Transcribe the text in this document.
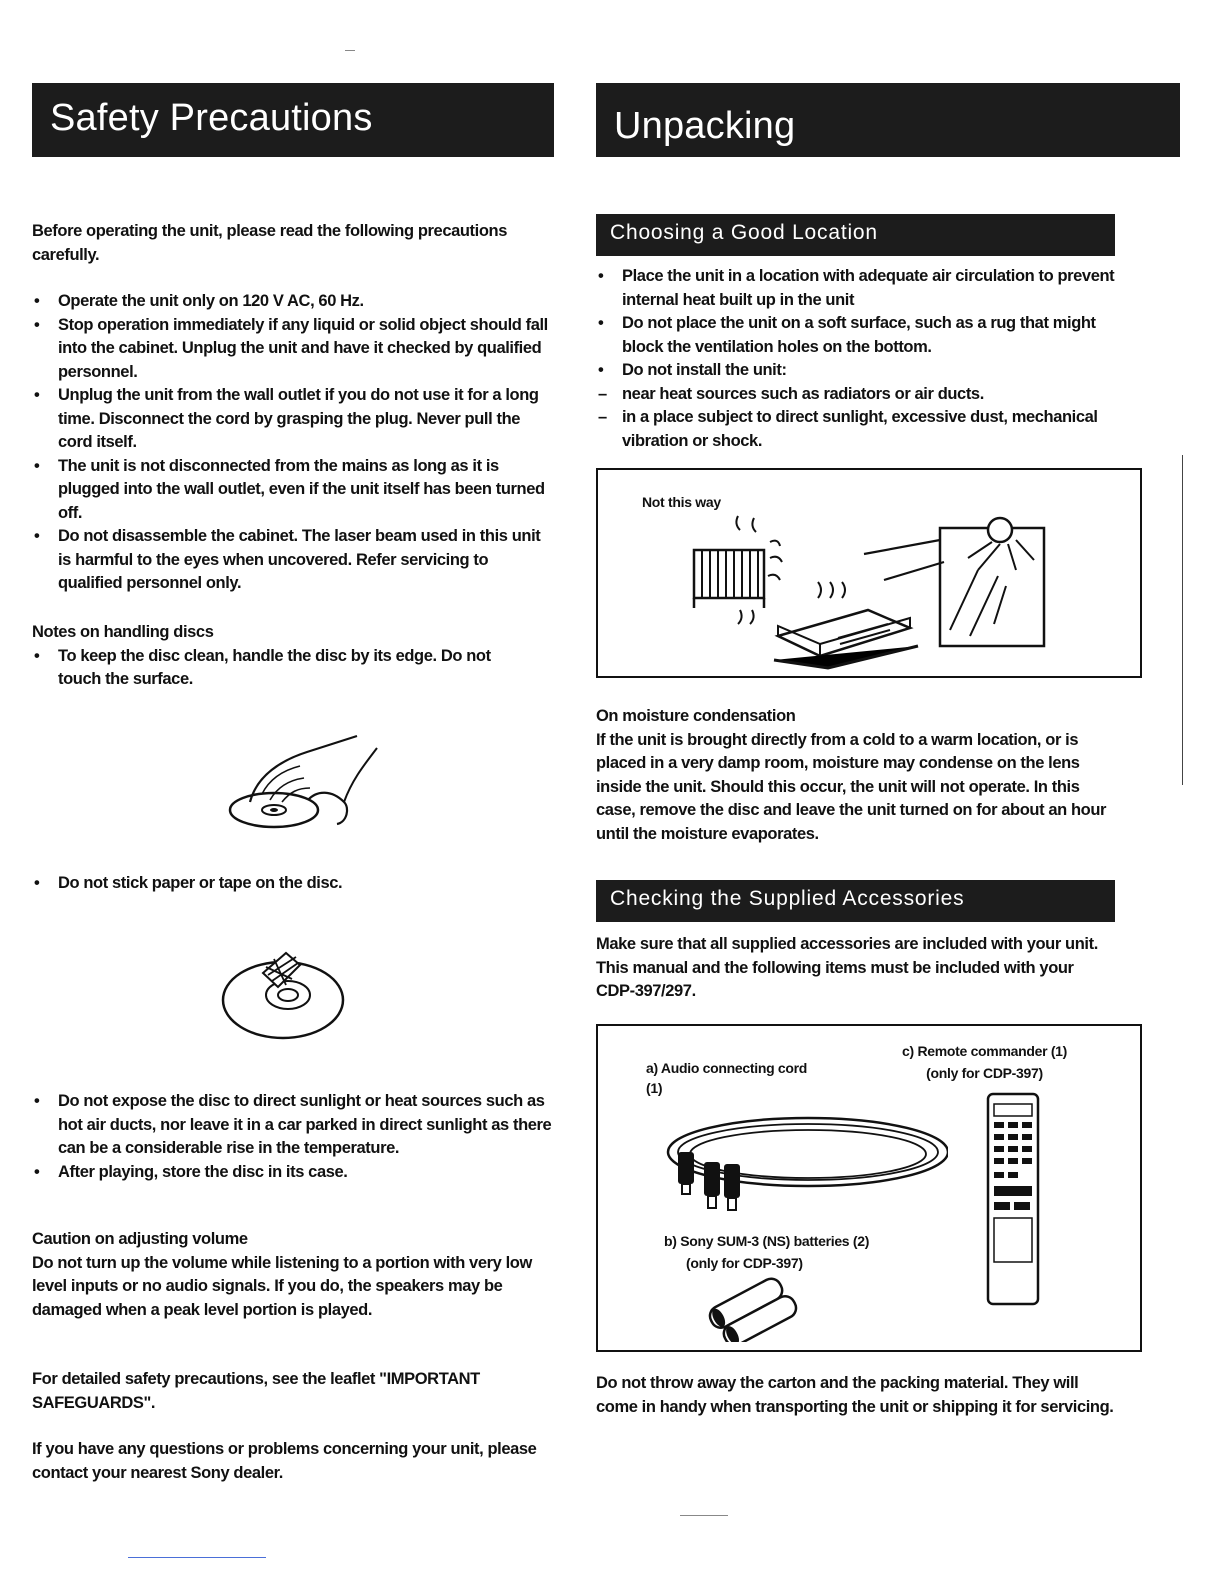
Safety Precautions

Before operating the unit, please read the following precautions carefully.

• Operate the unit only on 120 V AC, 60 Hz.
• Stop operation immediately if any liquid or solid object should fall into the cabinet. Unplug the unit and have it checked by qualified personnel.
• Unplug the unit from the wall outlet if you do not use it for a long time. Disconnect the cord by grasping the plug. Never pull the cord itself.
• The unit is not disconnected from the mains as long as it is plugged into the wall outlet, even if the unit itself has been turned off.
• Do not disassemble the cabinet. The laser beam used in this unit is harmful to the eyes when uncovered. Refer servicing to qualified personnel only.

Notes on handling discs

• To keep the disc clean, handle the disc by its edge. Do not touch the surface.
• Do not stick paper or tape on the disc.
• Do not expose the disc to direct sunlight or heat sources such as hot air ducts, nor leave it in a car parked in direct sunlight as there can be a considerable rise in the temperature.
• After playing, store the disc in its case.

Caution on adjusting volume

Do not turn up the volume while listening to a portion with very low level inputs or no audio signals. If you do, the speakers may be damaged when a peak level portion is played.

For detailed safety precautions, see the leaflet "IMPORTANT SAFEGUARDS".

If you have any questions or problems concerning your unit, please contact your nearest Sony dealer.

Unpacking
Choosing a Good Location
• Place the unit in a location with adequate air circulation to prevent internal heat built up in the unit
• Do not place the unit on a soft surface, such as a rug that might block the ventilation holes on the bottom.
• Do not install the unit:
– near heat sources such as radiators or air ducts.
– in a place subject to direct sunlight, excessive dust, mechanical vibration or shock.
Not this way

On moisture condensation

If the unit is brought directly from a cold to a warm location, or is placed in a very damp room, moisture may condense on the lens inside the unit. Should this occur, the unit will not operate. In this case, remove the disc and leave the unit turned on for about an hour until the moisture evaporates.

Checking the Supplied Accessories

Make sure that all supplied accessories are included with your unit. This manual and the following items must be included with your CDP-397/297.

a) Audio connecting cord (1)
c) Remote commander (1)
(only for CDP-397)
b) Sony SUM-3 (NS) batteries (2)
(only for CDP-397)

Do not throw away the carton and the packing material. They will come in handy when transporting the unit or shipping it for servicing.
